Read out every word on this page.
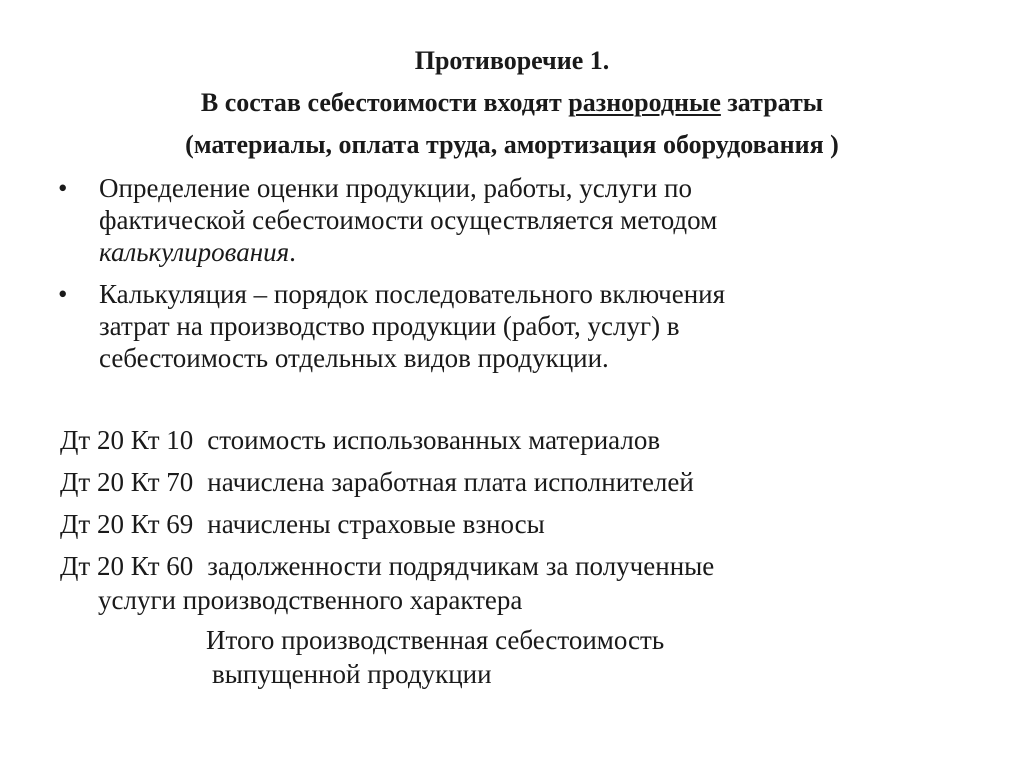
Противоречие 1.
В состав себестоимости входят разнородные затраты
(материалы, оплата труда, амортизация оборудования )
• Определение оценки продукции, работы, услуги по
фактической себестоимости осуществляется методом
калькулирования.
• Калькуляция – порядок последовательного включения
затрат на производство продукции (работ, услуг) в
себестоимость отдельных видов продукции.
Дт 20 Кт 10 стоимость использованных материалов
Дт 20 Кт 70 начислена заработная плата исполнителей
Дт 20 Кт 69 начислены страховые взносы
Дт 20 Кт 60 задолженности подрядчикам за полученные
услуги производственного характера
Итого производственная себестоимость
выпущенной продукции
